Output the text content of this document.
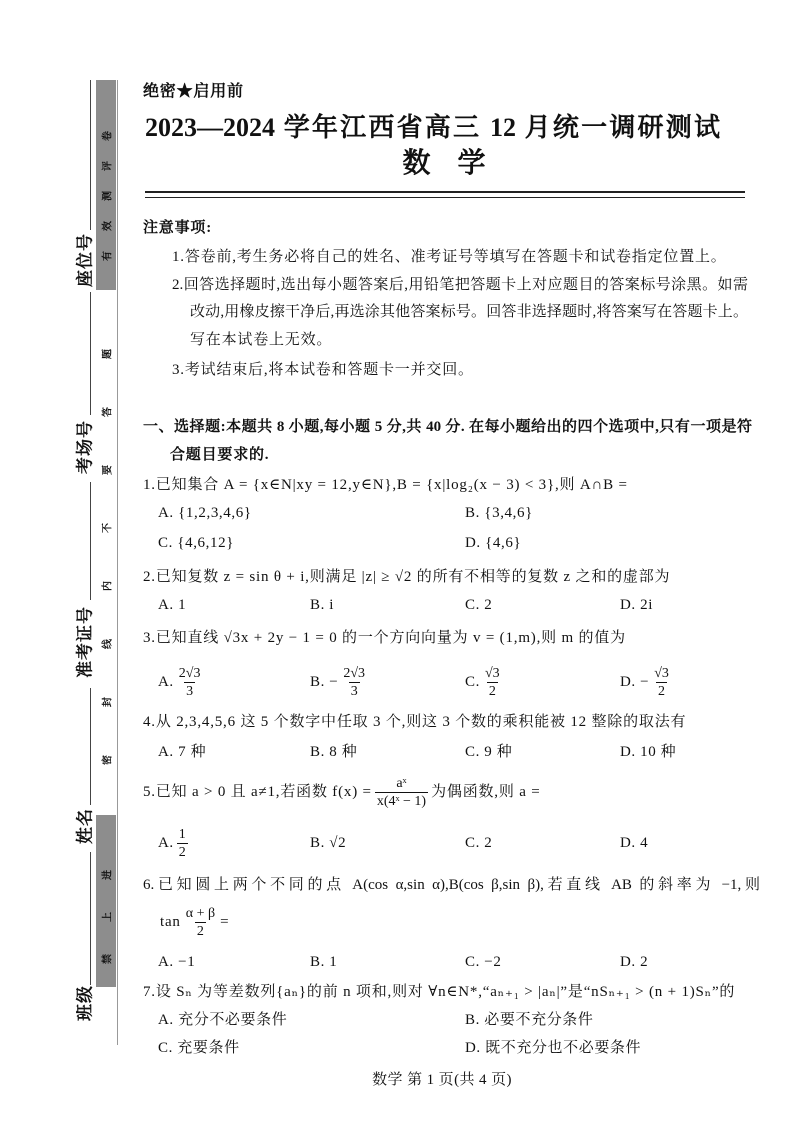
座位号
考场号
准考证号
姓名
班级
有效测评卷
密封线内不要答题
禁上进
绝密★启用前
2023—2024 学年江西省高三 12 月统一调研测试
数 学
注意事项:
1.答卷前,考生务必将自己的姓名、准考证号等填写在答题卡和试卷指定位置上。
2.回答选择题时,选出每小题答案后,用铅笔把答题卡上对应题目的答案标号涂黑。如需
改动,用橡皮擦干净后,再选涂其他答案标号。回答非选择题时,将答案写在答题卡上。
写在本试卷上无效。
3.考试结束后,将本试卷和答题卡一并交回。
一、选择题:本题共 8 小题,每小题 5 分,共 40 分. 在每小题给出的四个选项中,只有一项是符
合题目要求的.
1.已知集合 A = {x∈N|xy = 12,y∈N},B = {x|log₂(x − 3) < 3},则 A∩B =
A. {1,2,3,4,6}	B. {3,4,6}
C. {4,6,12}	D. {4,6}
2.已知复数 z = sin θ + i,则满足 |z| ≥ √2 的所有不相等的复数 z 之和的虚部为
A. 1	B. i	C. 2	D. 2i
3.已知直线 √3x + 2y − 1 = 0 的一个方向向量为 v = (1,m),则 m 的值为
A. $\frac{2√3}{3}$	B. − $\frac{2√3}{3}$	C. $\frac{√3}{2}$	D. − $\frac{√3}{2}$
4.从 2,3,4,5,6 这 5 个数字中任取 3 个,则这 3 个数的乘积能被 12 整除的取法有
A. 7 种	B. 8 种	C. 9 种	D. 10 种
5.已知 a > 0 且 a≠1,若函数 $f(x) = \frac{\text{aˣ}}{\text{x(4ˣ − 1)}}$ 为偶函数,则 a =
A. $\frac{1}{2}$	B. √2	C. 2	D. 4
6.已知圆上两个不同的点 A(cos α,sin α),B(cos β,sin β),若直线 AB 的斜率为 −1,则
$\tan \frac{\alpha + \beta}{2}$ =
A. −1	B. 1	C. −2	D. 2
7.设 Sₙ 为等差数列{aₙ}的前 n 项和,则对 ∀n∈N*,“aₙ₊₁ > |aₙ|”是“nSₙ₊₁ > (n + 1)Sₙ”的
A. 充分不必要条件	B. 必要不充分条件
C. 充要条件	D. 既不充分也不必要条件
数学 第 1 页(共 4 页)
